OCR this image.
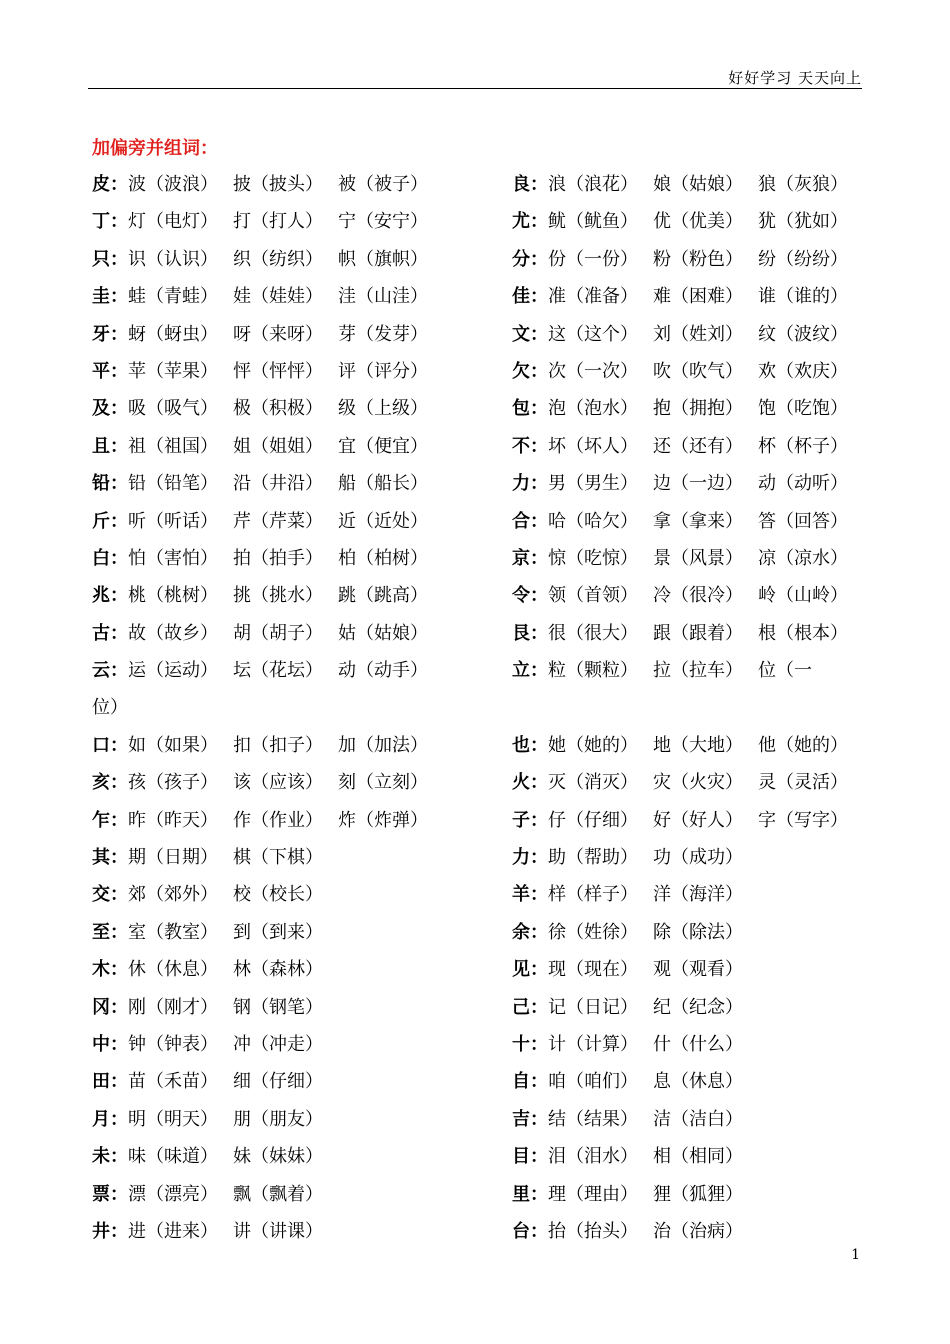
好好学习 天天向上
加偏旁并组词：
皮：波（波浪） 披（披头） 被（被子）
丁：灯（电灯） 打（打人） 宁（安宁）
只：识（认识） 织（纺织） 帜（旗帜）
圭：蛙（青蛙） 娃（娃娃） 洼（山洼）
牙：蚜（蚜虫） 呀（来呀） 芽（发芽）
平：苹（苹果） 怦（怦怦） 评（评分）
及：吸（吸气） 极（积极） 级（上级）
且：祖（祖国） 姐（姐姐） 宜（便宜）
铅：铅（铅笔） 沿（井沿） 船（船长）
斤：听（听话） 芹（芹菜） 近（近处）
白：怕（害怕） 拍（拍手） 柏（柏树）
兆：桃（桃树） 挑（挑水） 跳（跳高）
古：故（故乡） 胡（胡子） 姑（姑娘）
云：运（运动） 坛（花坛） 动（动手）
位）
口：如（如果） 扣（扣子） 加（加法）
亥：孩（孩子） 该（应该） 刻（立刻）
乍：昨（昨天） 作（作业） 炸（炸弹）
其：期（日期） 棋（下棋）
交：郊（郊外） 校（校长）
至：室（教室） 到（到来）
木：休（休息） 林（森林）
冈：刚（刚才） 钢（钢笔）
中：钟（钟表） 冲（冲走）
田：苗（禾苗） 细（仔细）
月：明（明天） 朋（朋友）
未：味（味道） 妹（妹妹）
票：漂（漂亮） 飘（飘着）
井：进（进来） 讲（讲课）
良：浪（浪花） 娘（姑娘） 狼（灰狼）
尤：鱿（鱿鱼） 优（优美） 犹（犹如）
分：份（一份） 粉（粉色） 纷（纷纷）
佳：准（准备） 难（困难） 谁（谁的）
文：这（这个） 刘（姓刘） 纹（波纹）
欠：次（一次） 吹（吹气） 欢（欢庆）
包：泡（泡水） 抱（拥抱） 饱（吃饱）
不：坏（坏人） 还（还有） 杯（杯子）
力：男（男生） 边（一边） 动（动听）
合：哈（哈欠） 拿（拿来） 答（回答）
京：惊（吃惊） 景（风景） 凉（凉水）
令：领（首领） 冷（很冷） 岭（山岭）
艮：很（很大） 跟（跟着） 根（根本）
立：粒（颗粒） 拉（拉车） 位（一
也：她（她的） 地（大地） 他（她的）
火：灭（消灭） 灾（火灾） 灵（灵活）
子：仔（仔细） 好（好人） 字（写字）
力：助（帮助） 功（成功）
羊：样（样子） 洋（海洋）
余：徐（姓徐） 除（除法）
见：现（现在） 观（观看）
己：记（日记） 纪（纪念）
十：计（计算） 什（什么）
自：咱（咱们） 息（休息）
吉：结（结果） 洁（洁白）
目：泪（泪水） 相（相同）
里：理（理由） 狸（狐狸）
台：抬（抬头） 治（治病）
1
